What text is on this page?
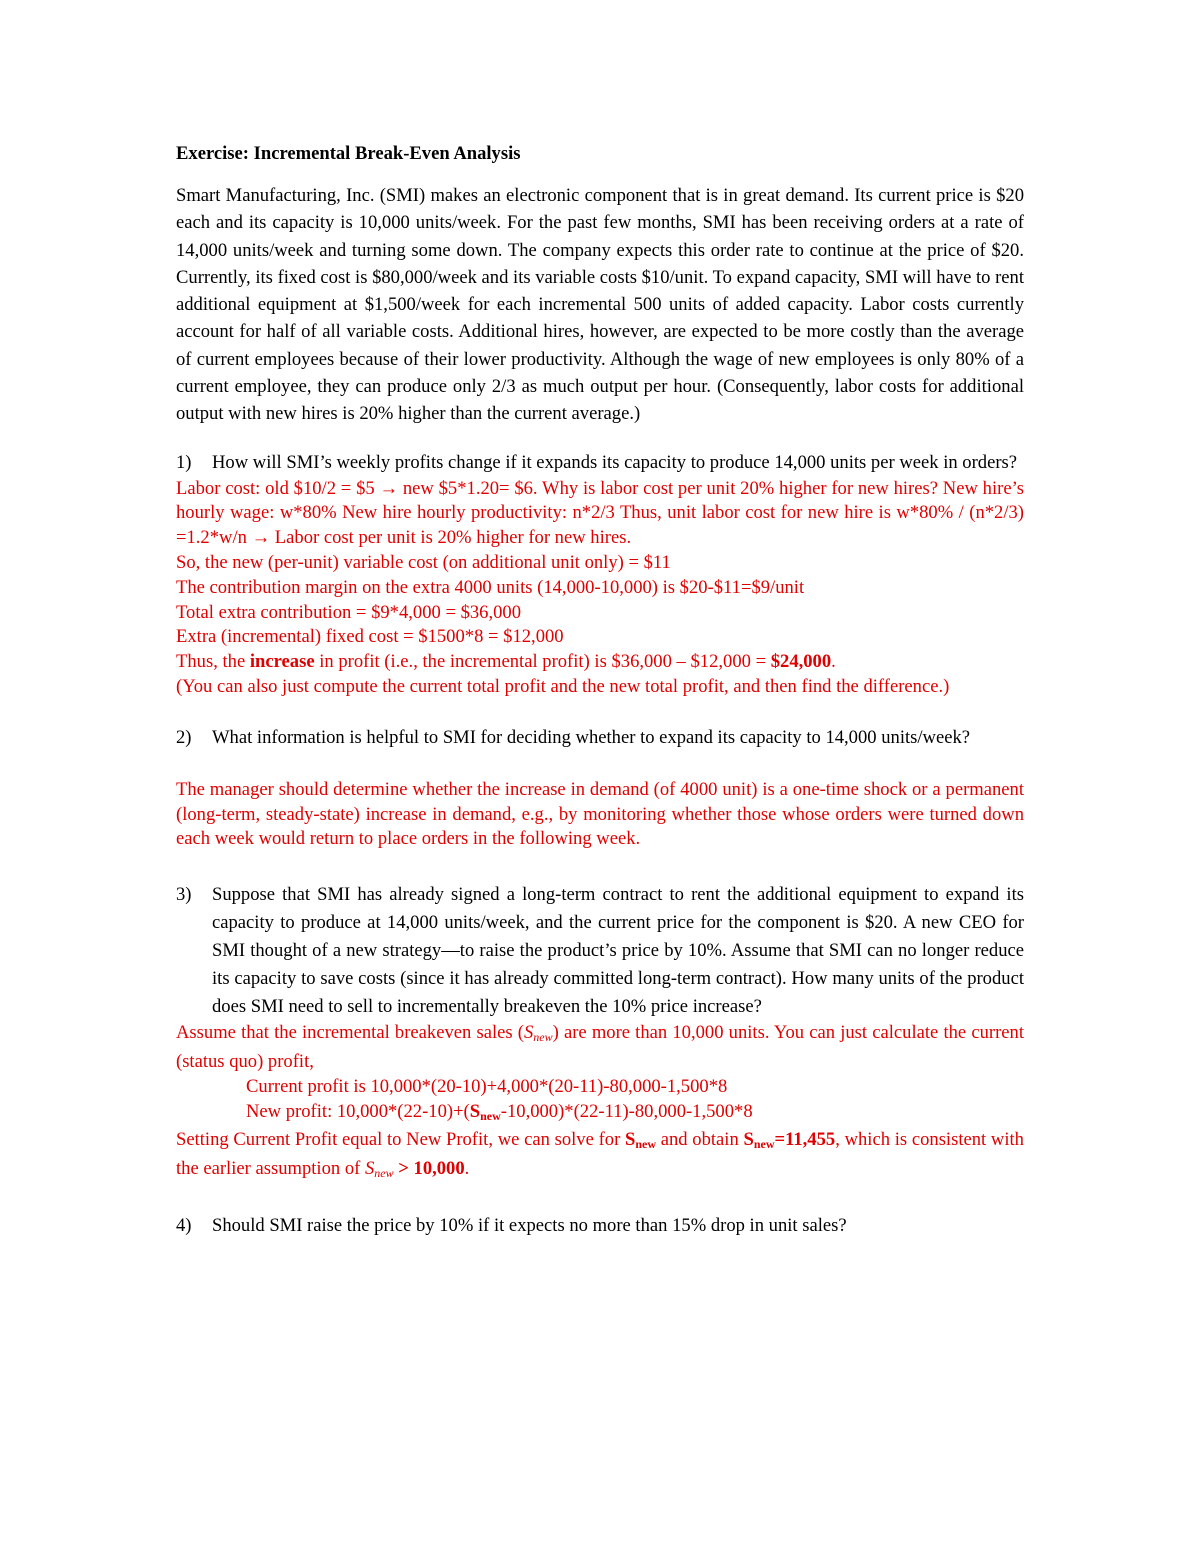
Exercise: Incremental Break-Even Analysis

Smart Manufacturing, Inc. (SMI) makes an electronic component that is in great demand. Its current price is $20 each and its capacity is 10,000 units/week. For the past few months, SMI has been receiving orders at a rate of 14,000 units/week and turning some down. The company expects this order rate to continue at the price of $20. Currently, its fixed cost is $80,000/week and its variable costs $10/unit. To expand capacity, SMI will have to rent additional equipment at $1,500/week for each incremental 500 units of added capacity. Labor costs currently account for half of all variable costs. Additional hires, however, are expected to be more costly than the average of current employees because of their lower productivity. Although the wage of new employees is only 80% of a current employee, they can produce only 2/3 as much output per hour. (Consequently, labor costs for additional output with new hires is 20% higher than the current average.)

1)	How will SMI’s weekly profits change if it expands its capacity to produce 14,000 units per week in orders?

Labor cost: old $10/2 = $5 → new $5*1.20= $6. Why is labor cost per unit 20% higher for new hires? New hire’s hourly wage: w*80% New hire hourly productivity: n*2/3 Thus, unit labor cost for new hire is w*80% / (n*2/3) =1.2*w/n → Labor cost per unit is 20% higher for new hires.

So, the new (per-unit) variable cost (on additional unit only) = $11

The contribution margin on the extra 4000 units (14,000-10,000) is $20-$11=$9/unit

Total extra contribution = $9*4,000 = $36,000

Extra (incremental) fixed cost = $1500*8 = $12,000

Thus, the increase in profit (i.e., the incremental profit) is $36,000 – $12,000 = $24,000.

(You can also just compute the current total profit and the new total profit, and then find the difference.)

2)	What information is helpful to SMI for deciding whether to expand its capacity to 14,000 units/week?

The manager should determine whether the increase in demand (of 4000 unit) is a one-time shock or a permanent (long-term, steady-state) increase in demand, e.g., by monitoring whether those whose orders were turned down each week would return to place orders in the following week.

3)	Suppose that SMI has already signed a long-term contract to rent the additional equipment to expand its capacity to produce at 14,000 units/week, and the current price for the component is $20. A new CEO for SMI thought of a new strategy—to raise the product’s price by 10%. Assume that SMI can no longer reduce its capacity to save costs (since it has already committed long-term contract). How many units of the product does SMI need to sell to incrementally breakeven the 10% price increase?

Assume that the incremental breakeven sales $(S_{new})$ are more than 10,000 units. You can just calculate the current (status quo) profit,

Current profit is 10,000*(20-10)+4,000*(20-11)-80,000-1,500*8

New profit: 10,000*(22-10)+(Snew-10,000)*(22-11)-80,000-1,500*8

Setting Current Profit equal to New Profit, we can solve for Snew and obtain Snew=11,455, which is consistent with the earlier assumption of $S_{new} > 10,000$.

4)	Should SMI raise the price by 10% if it expects no more than 15% drop in unit sales?
